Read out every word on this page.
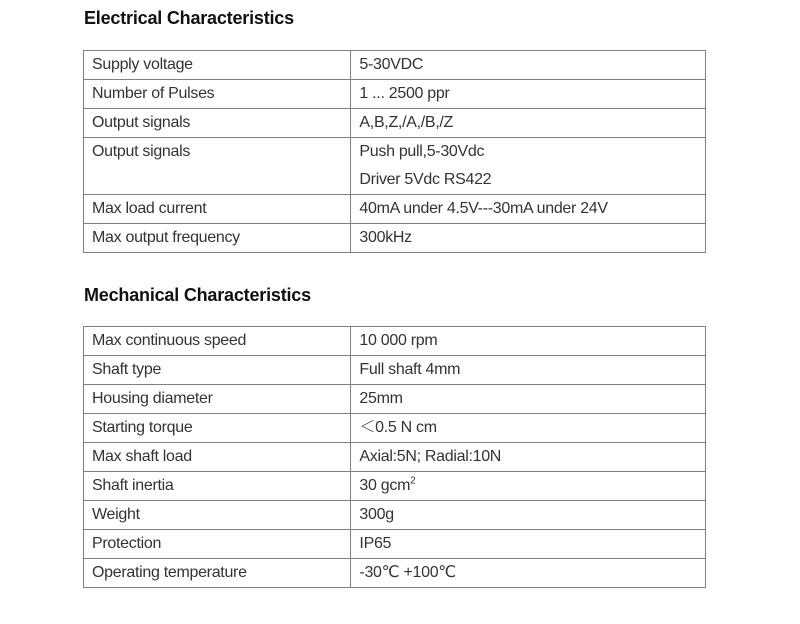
Electrical Characteristics
Supply voltage	5-30VDC
Number of Pulses	1 ... 2500 ppr
Output signals	A,B,Z,/A,/B,/Z
Output signals	Push pull,5-30Vdc
Driver 5Vdc RS422

Max load current	40mA under 4.5V---30mA under 24V
Max output frequency	300kHz
Mechanical Characteristics
Max continuous speed	10 000 rpm
Shaft type	Full shaft 4mm
Housing diameter	25mm
Starting torque	＜0.5 N cm
Max shaft load	Axial:5N; Radial:10N
Shaft inertia	30 gcm$^2$
Weight	300g
Protection	IP65
Operating temperature	-30℃ +100℃
